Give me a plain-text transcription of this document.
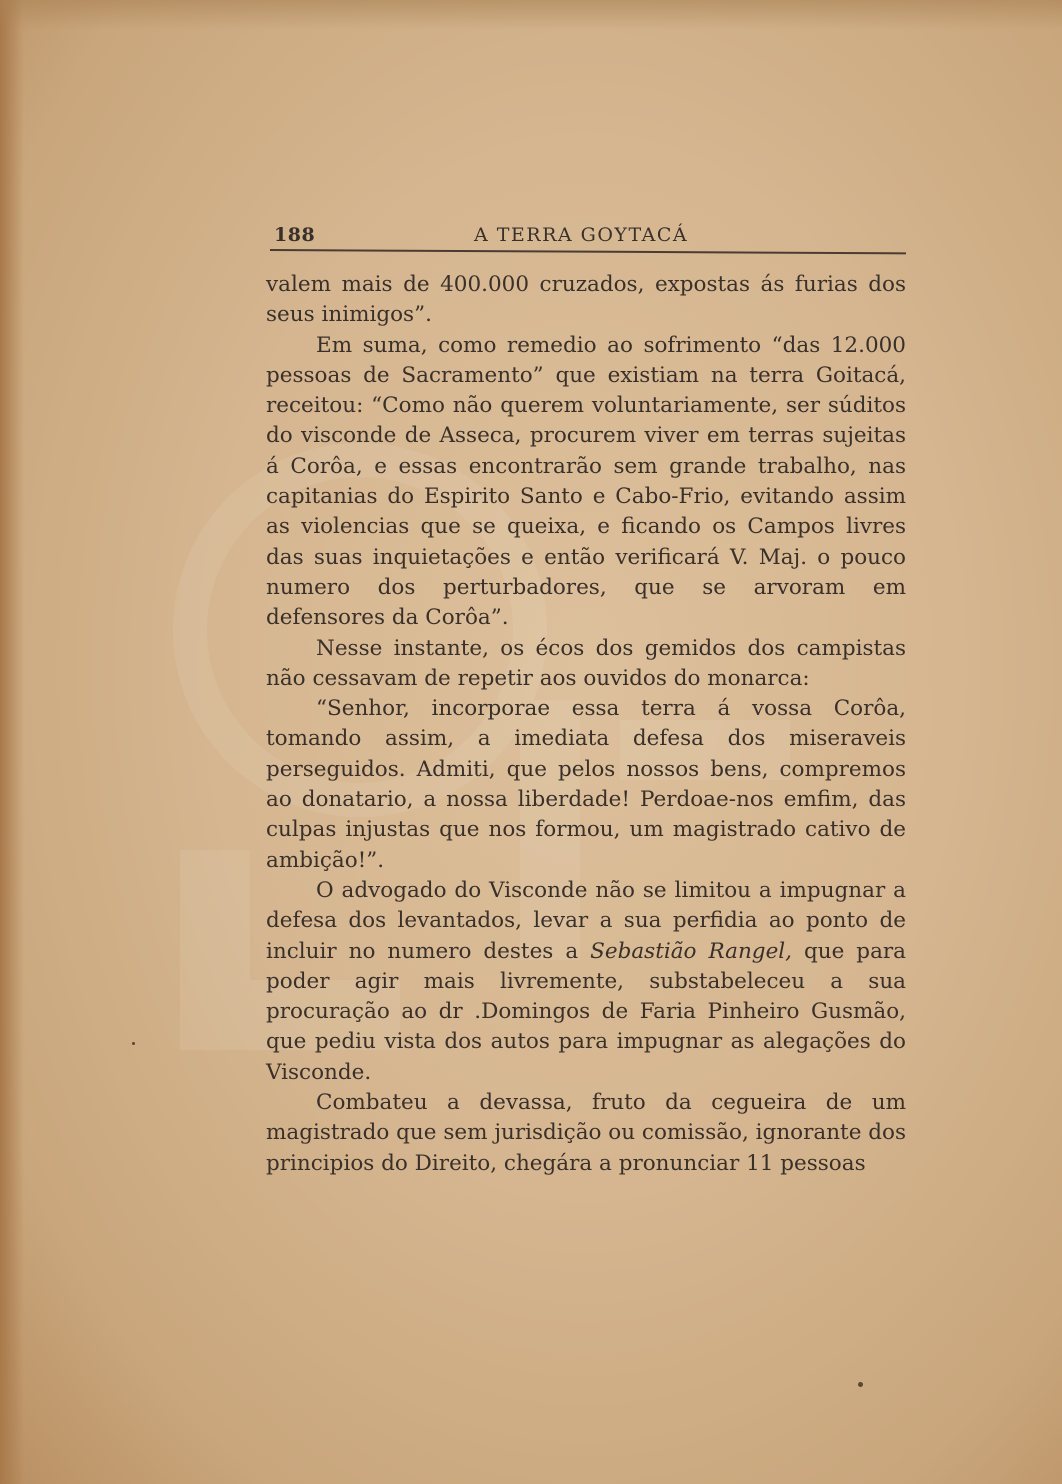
188	A TERRA GOYTACÁ

valem mais de 400.000 cruzados, expostas ás furias dos seus inimigos”.

Em suma, como remedio ao sofrimento “das 12.000 pessoas de Sacramento” que existiam na terra Goitacá, receitou: “Como não querem voluntariamente, ser súditos do visconde de Asseca, procurem viver em terras sujeitas á Corôa, e essas encontrarão sem grande trabalho, nas capitanias do Espirito Santo e Cabo-Frio, evitando assim as violencias que se queixa, e ficando os Campos livres das suas inquietações e então verificará V. Maj. o pouco numero dos perturbadores, que se arvoram em defensores da Corôa”.

Nesse instante, os écos dos gemidos dos campistas não cessavam de repetir aos ouvidos do monarca:

“Senhor, incorporae essa terra á vossa Corôa, tomando assim, a imediata defesa dos miseraveis perseguidos. Admiti, que pelos nossos bens, compremos ao donatario, a nossa liberdade! Perdoae-nos emfim, das culpas injustas que nos formou, um magistrado cativo de ambição!”.

O advogado do Visconde não se limitou a impugnar a defesa dos levantados, levar a sua perfidia ao ponto de incluir no numero destes a Sebastião Rangel, que para poder agir mais livremente, substabeleceu a sua procuração ao dr .Domingos de Faria Pinheiro Gusmão, que pediu vista dos autos para impugnar as alegações do Visconde.

Combateu a devassa, fruto da cegueira de um magistrado que sem jurisdição ou comissão, ignorante dos principios do Direito, chegára a pronunciar 11 pessoas
